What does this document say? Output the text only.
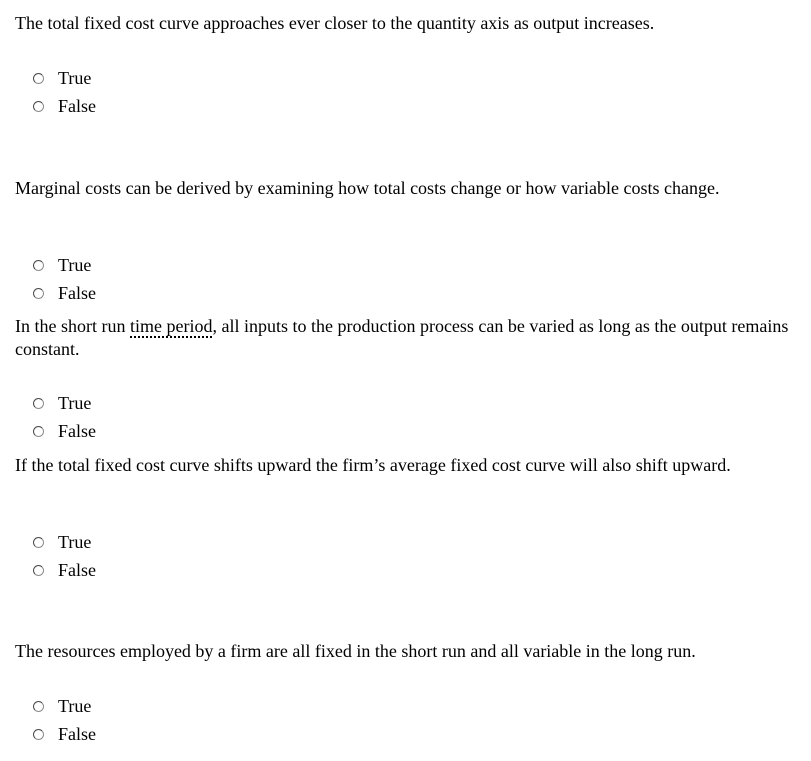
The total fixed cost curve approaches ever closer to the quantity axis as output increases.

True
False

Marginal costs can be derived by examining how total costs change or how variable costs change.

True
False

In the short run time period, all inputs to the production process can be varied as long as the output remains constant.

True
False

If the total fixed cost curve shifts upward the firm’s average fixed cost curve will also shift upward.

True
False

The resources employed by a firm are all fixed in the short run and all variable in the long run.

True
False
